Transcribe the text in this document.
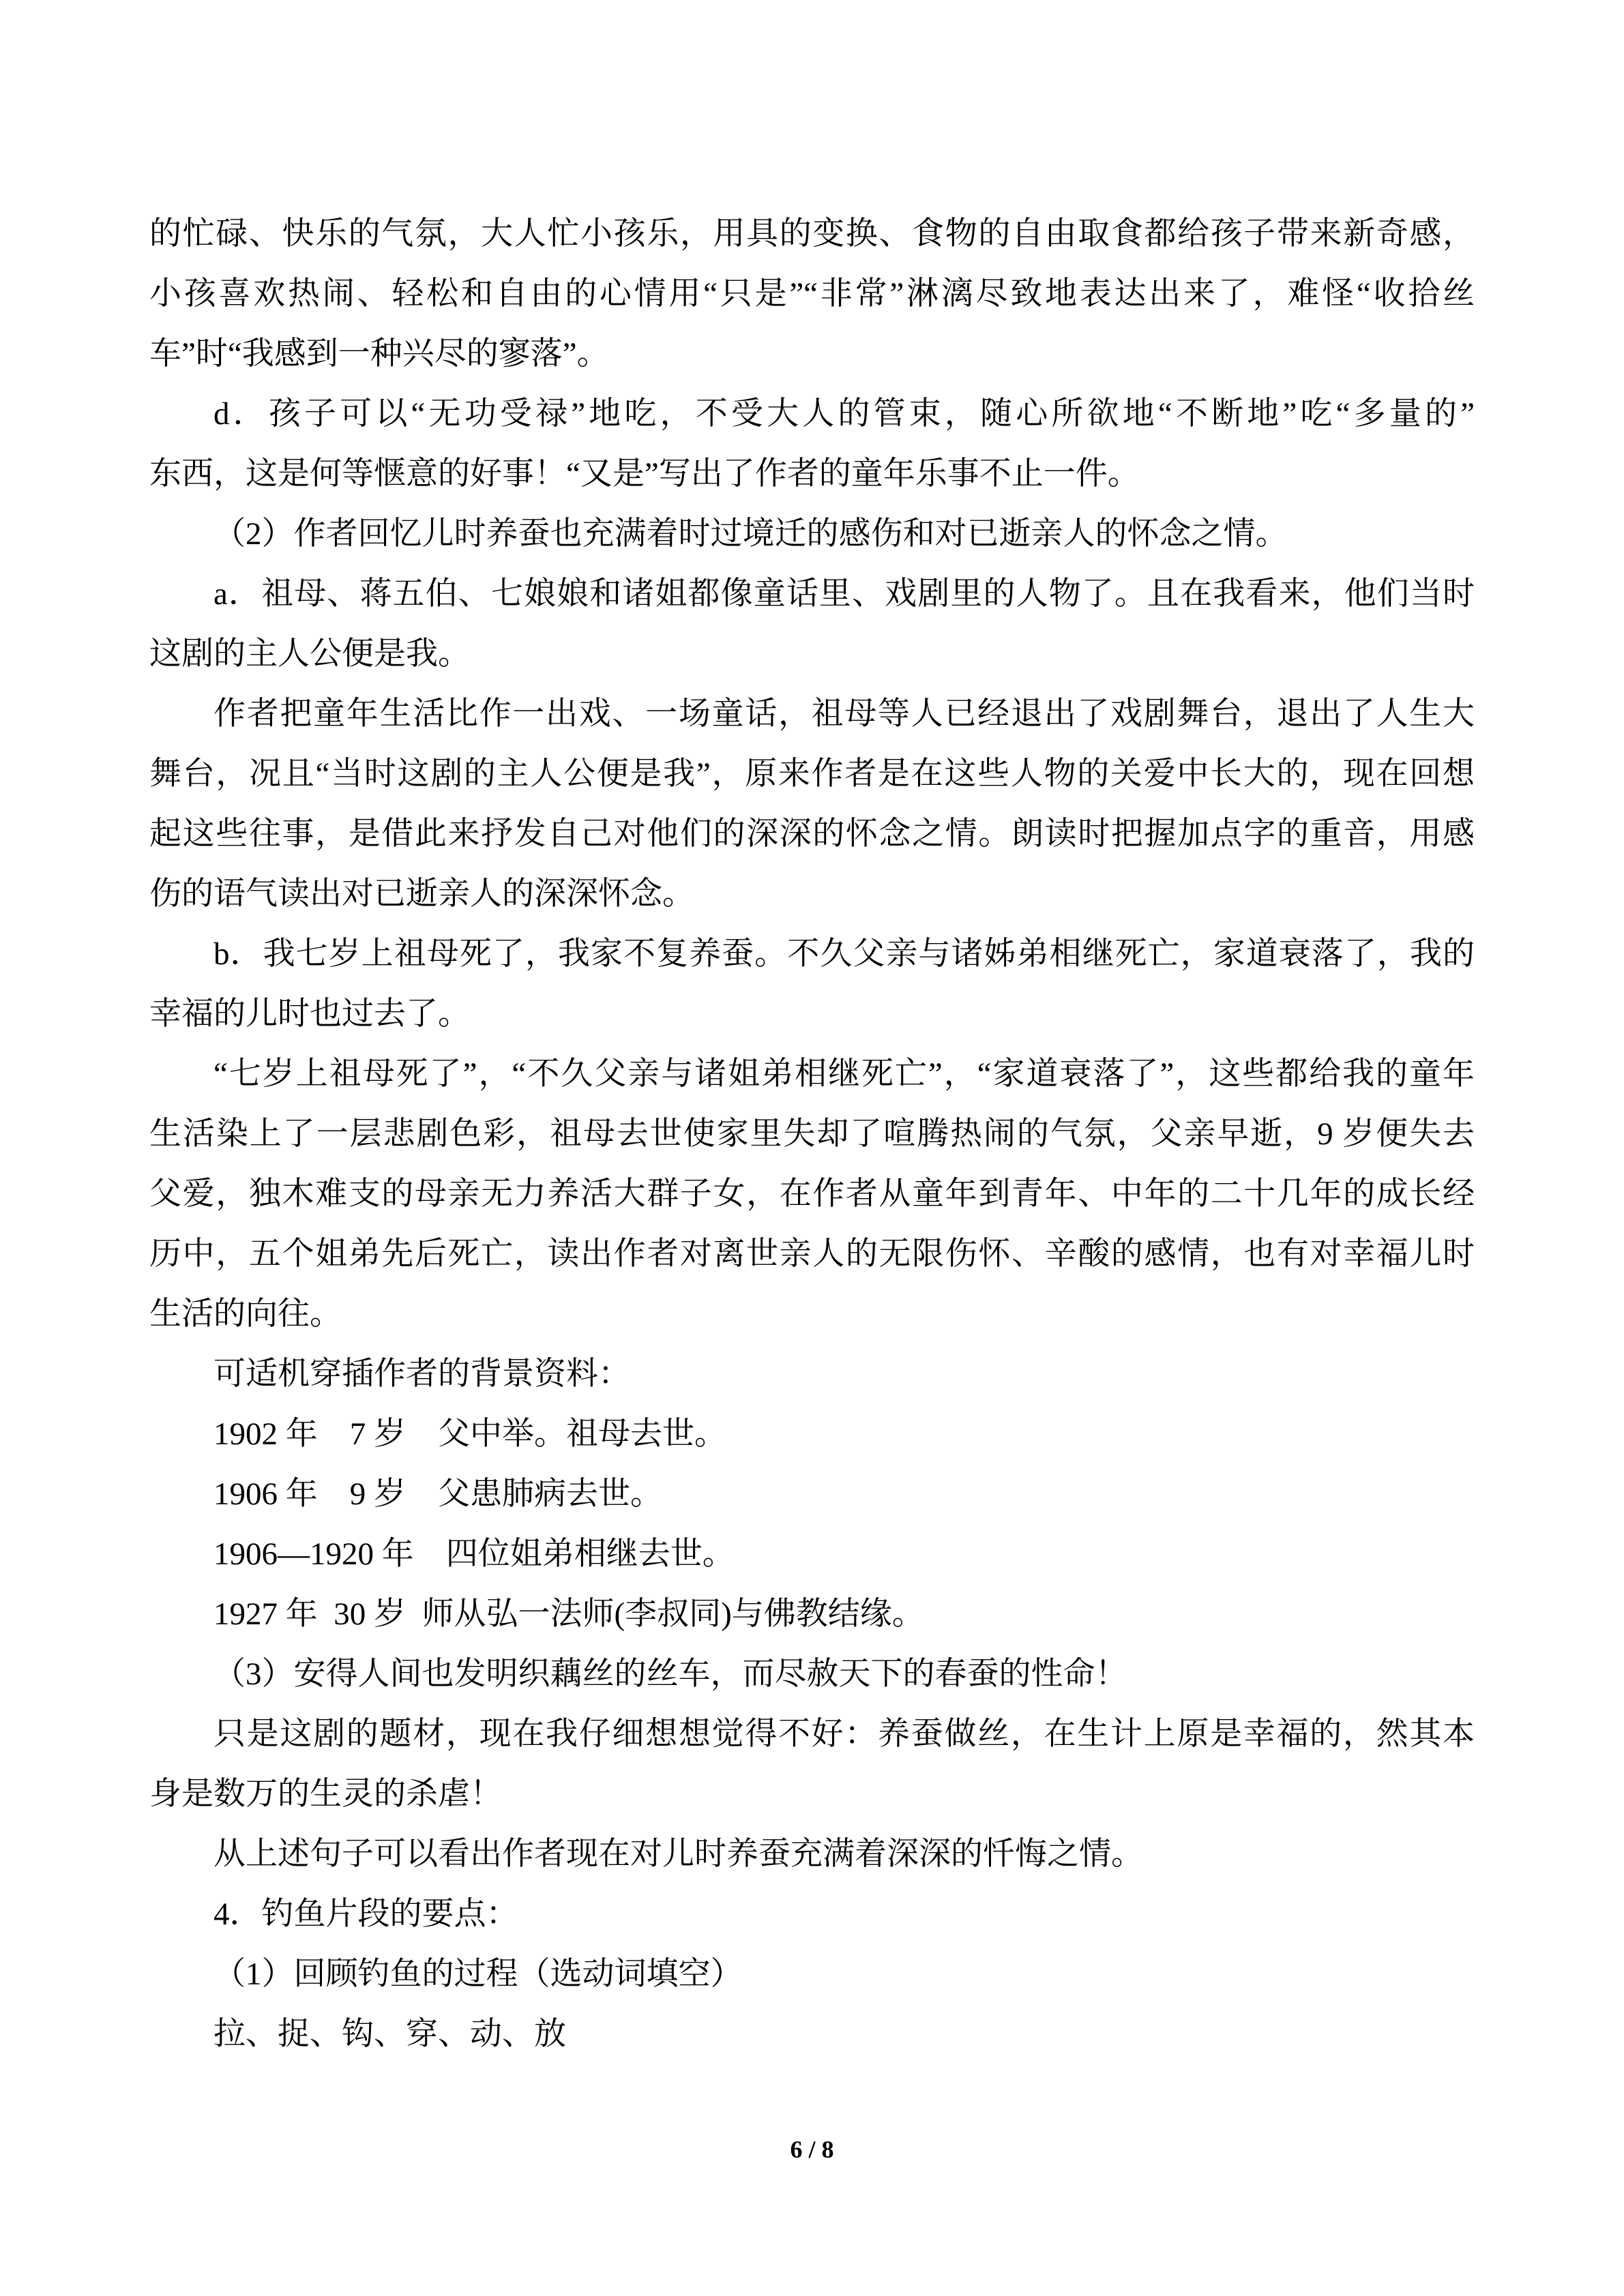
的忙碌、快乐的气氛，大人忙小孩乐，用具的变换、食物的自由取食都给孩子带来新奇感，
小孩喜欢热闹、轻松和自由的心情用“只是”“非常”淋漓尽致地表达出来了，难怪“收拾丝
车”时“我感到一种兴尽的寥落”。
d．孩子可以“无功受禄”地吃，不受大人的管束，随心所欲地“不断地”吃“多量的”
东西，这是何等惬意的好事！“又是”写出了作者的童年乐事不止一件。
（2）作者回忆儿时养蚕也充满着时过境迁的感伤和对已逝亲人的怀念之情。
a．祖母、蒋五伯、七娘娘和诸姐都像童话里、戏剧里的人物了。且在我看来，他们当时
这剧的主人公便是我。
作者把童年生活比作一出戏、一场童话，祖母等人已经退出了戏剧舞台，退出了人生大
舞台，况且“当时这剧的主人公便是我”，原来作者是在这些人物的关爱中长大的，现在回想
起这些往事，是借此来抒发自己对他们的深深的怀念之情。朗读时把握加点字的重音，用感
伤的语气读出对已逝亲人的深深怀念。
b．我七岁上祖母死了，我家不复养蚕。不久父亲与诸姊弟相继死亡，家道衰落了，我的
幸福的儿时也过去了。
“七岁上祖母死了”，“不久父亲与诸姐弟相继死亡”，“家道衰落了”，这些都给我的童年
生活染上了一层悲剧色彩，祖母去世使家里失却了喧腾热闹的气氛，父亲早逝，9 岁便失去
父爱，独木难支的母亲无力养活大群子女，在作者从童年到青年、中年的二十几年的成长经
历中，五个姐弟先后死亡，读出作者对离世亲人的无限伤怀、辛酸的感情，也有对幸福儿时
生活的向往。
可适机穿插作者的背景资料：
1902 年　7 岁　父中举。祖母去世。
1906 年　9 岁　父患肺病去世。
1906—1920 年　四位姐弟相继去世。
1927 年  30 岁  师从弘一法师(李叔同)与佛教结缘。
（3）安得人间也发明织藕丝的丝车，而尽赦天下的春蚕的性命！
只是这剧的题材，现在我仔细想想觉得不好：养蚕做丝，在生计上原是幸福的，然其本
身是数万的生灵的杀虐！
从上述句子可以看出作者现在对儿时养蚕充满着深深的忏悔之情。
4．钓鱼片段的要点：
（1）回顾钓鱼的过程（选动词填空）
拉、捉、钩、穿、动、放
6 / 8
